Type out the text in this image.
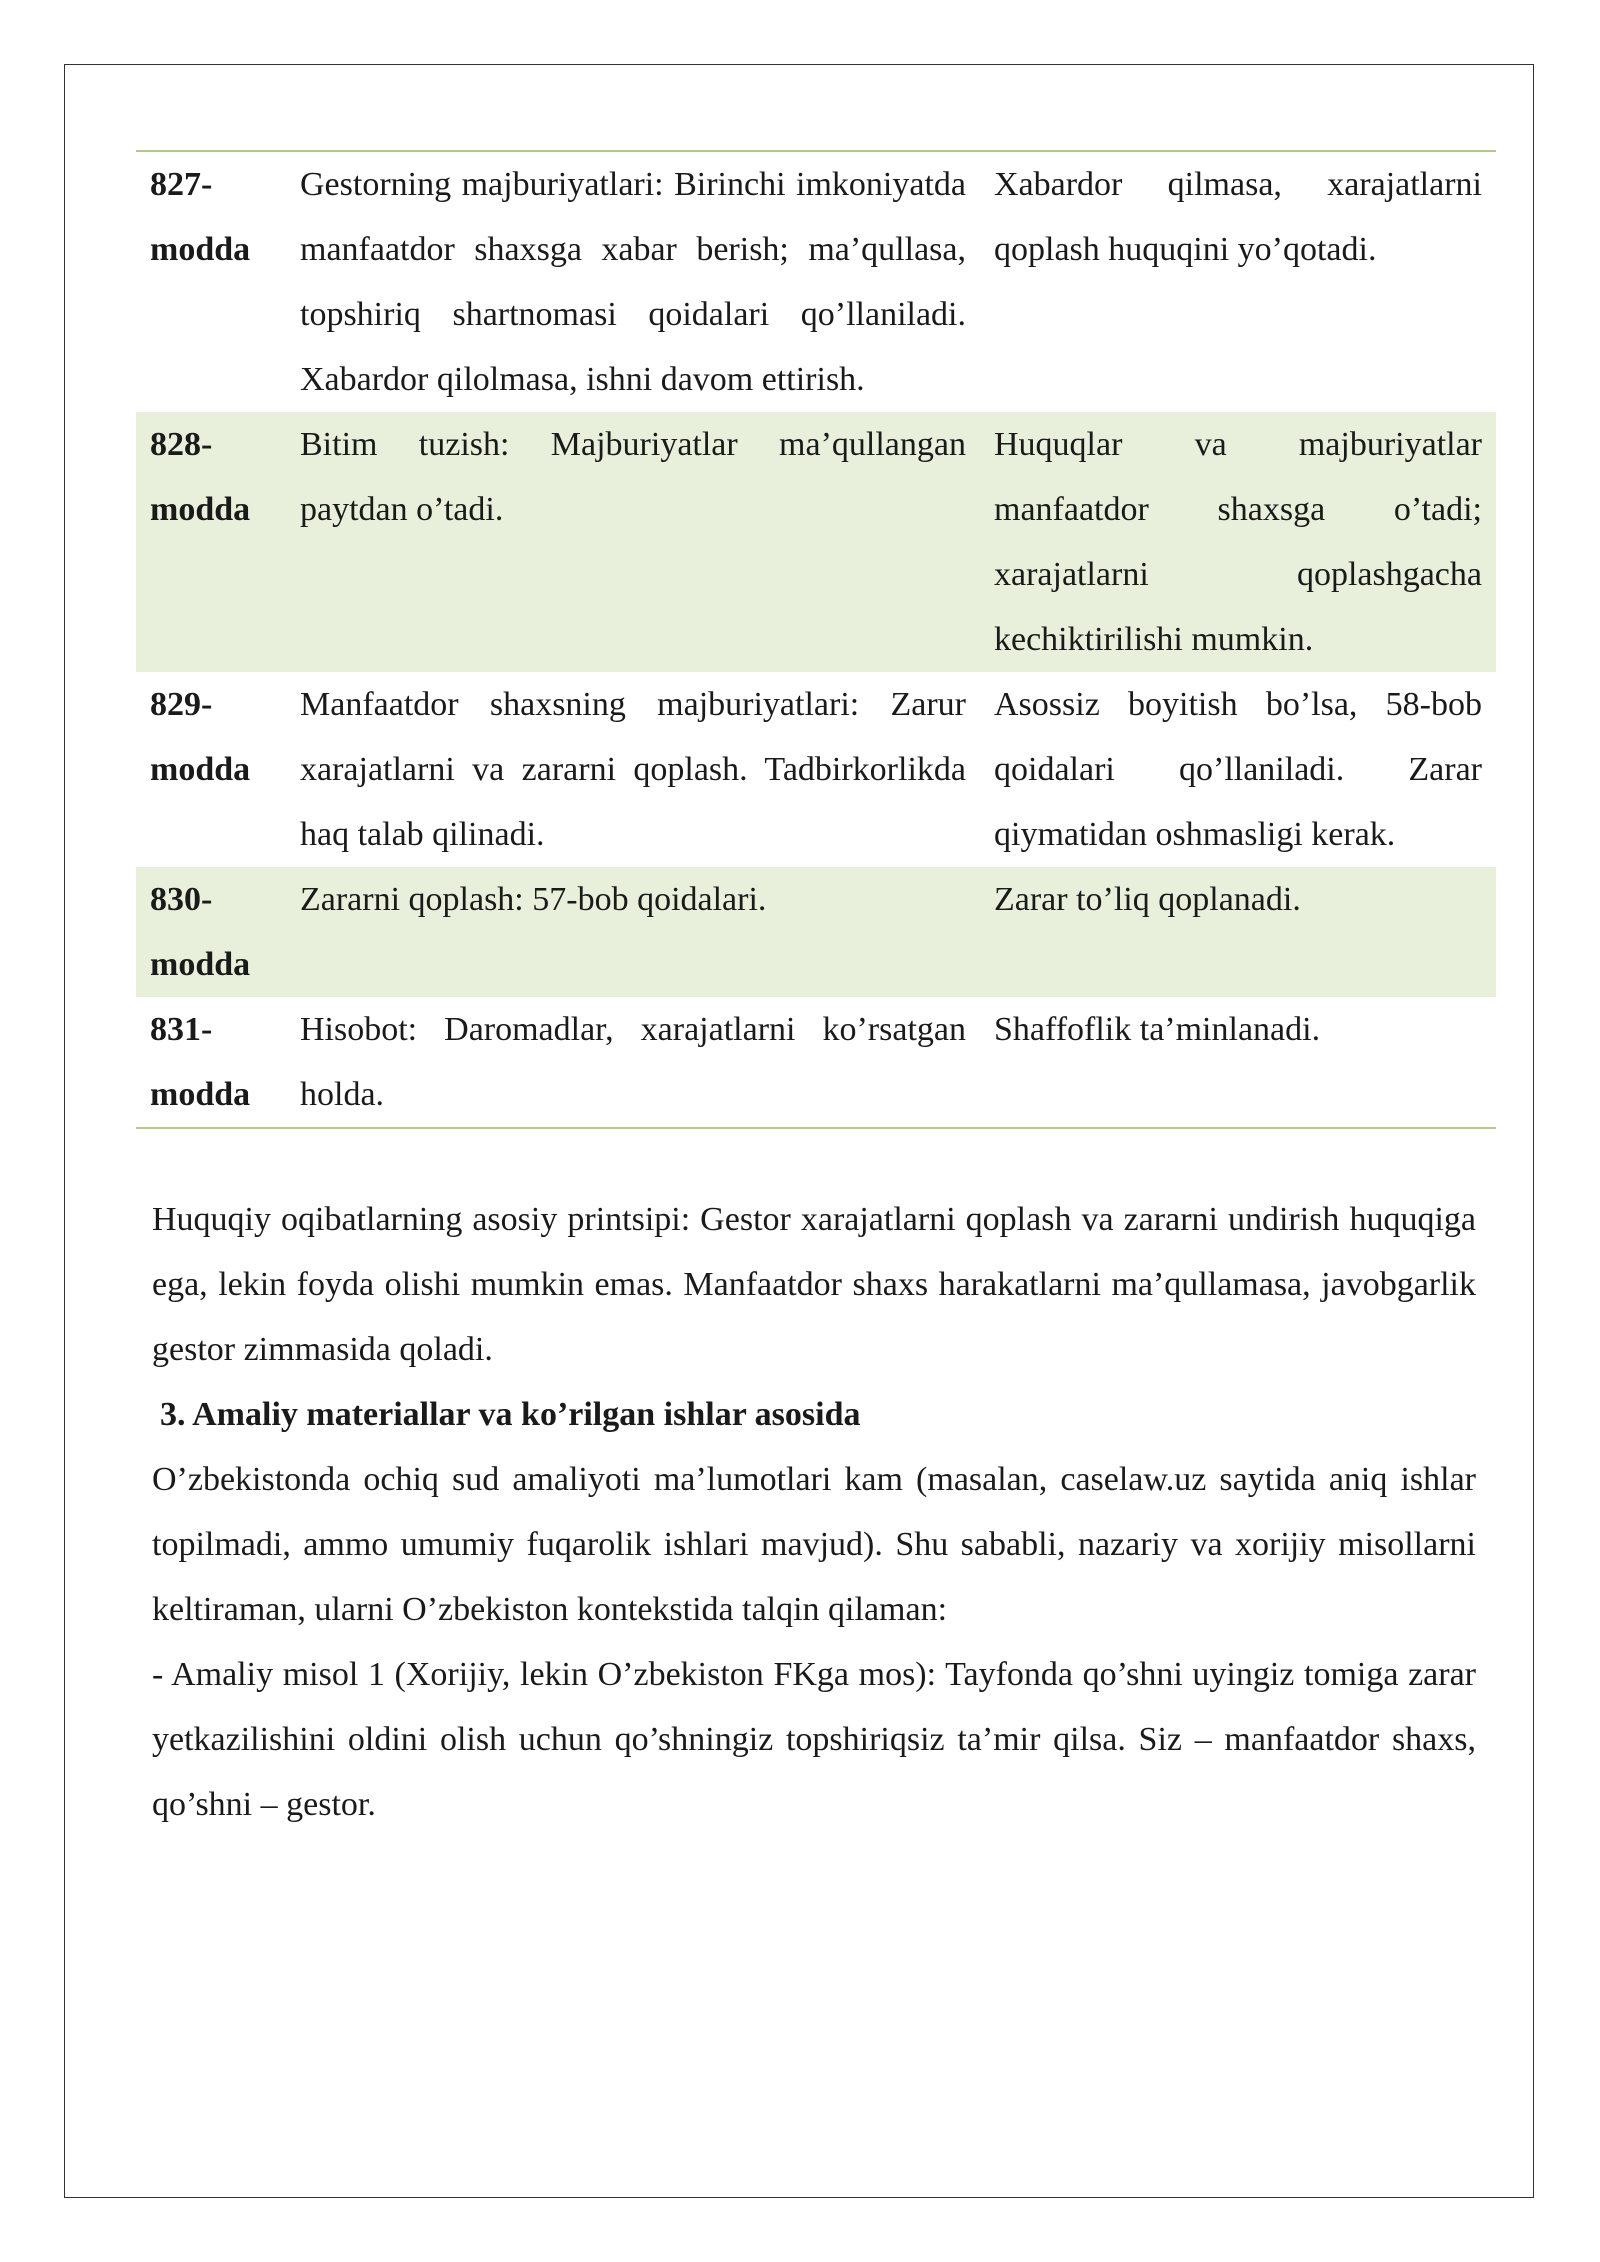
827-modda	Gestorning majburiyatlari: Birinchi imkoniyatda manfaatdor shaxsga xabar berish; ma’qullasa, topshiriq shartnomasi qoidalari qo’llaniladi. Xabardor qilolmasa, ishni davom ettirish.	Xabardor qilmasa, xarajatlarni qoplash huquqini yo’qotadi.
828-modda	Bitim tuzish: Majburiyatlar ma’qullangan paytdan o’tadi.	Huquqlar va majburiyatlar manfaatdor shaxsga o’tadi; xarajatlarni qoplashgacha kechiktirilishi mumkin.
829-modda	Manfaatdor shaxsning majburiyatlari: Zarur xarajatlarni va zararni qoplash. Tadbirkorlikda haq talab qilinadi.	Asossiz boyitish bo’lsa, 58-bob qoidalari qo’llaniladi. Zarar qiymatidan oshmasligi kerak.
830-modda	Zararni qoplash: 57-bob qoidalari.	Zarar to’liq qoplanadi.
831-modda	Hisobot: Daromadlar, xarajatlarni ko’rsatgan holda.	Shaffoflik ta’minlanadi.

Huquqiy oqibatlarning asosiy printsipi: Gestor xarajatlarni qoplash va zararni undirish huquqiga ega, lekin foyda olishi mumkin emas. Manfaatdor shaxs harakatlarni ma’qullamasa, javobgarlik gestor zimmasida qoladi.

3. Amaliy materiallar va ko’rilgan ishlar asosida

O’zbekistonda ochiq sud amaliyoti ma’lumotlari kam (masalan, caselaw.uz saytida aniq ishlar topilmadi, ammo umumiy fuqarolik ishlari mavjud). Shu sababli, nazariy va xorijiy misollarni keltiraman, ularni O’zbekiston kontekstida talqin qilaman:

- Amaliy misol 1 (Xorijiy, lekin O’zbekiston FKga mos): Tayfonda qo’shni uyingiz tomiga zarar yetkazilishini oldini olish uchun qo’shningiz topshiriqsiz ta’mir qilsa. Siz – manfaatdor shaxs, qo’shni – gestor.
